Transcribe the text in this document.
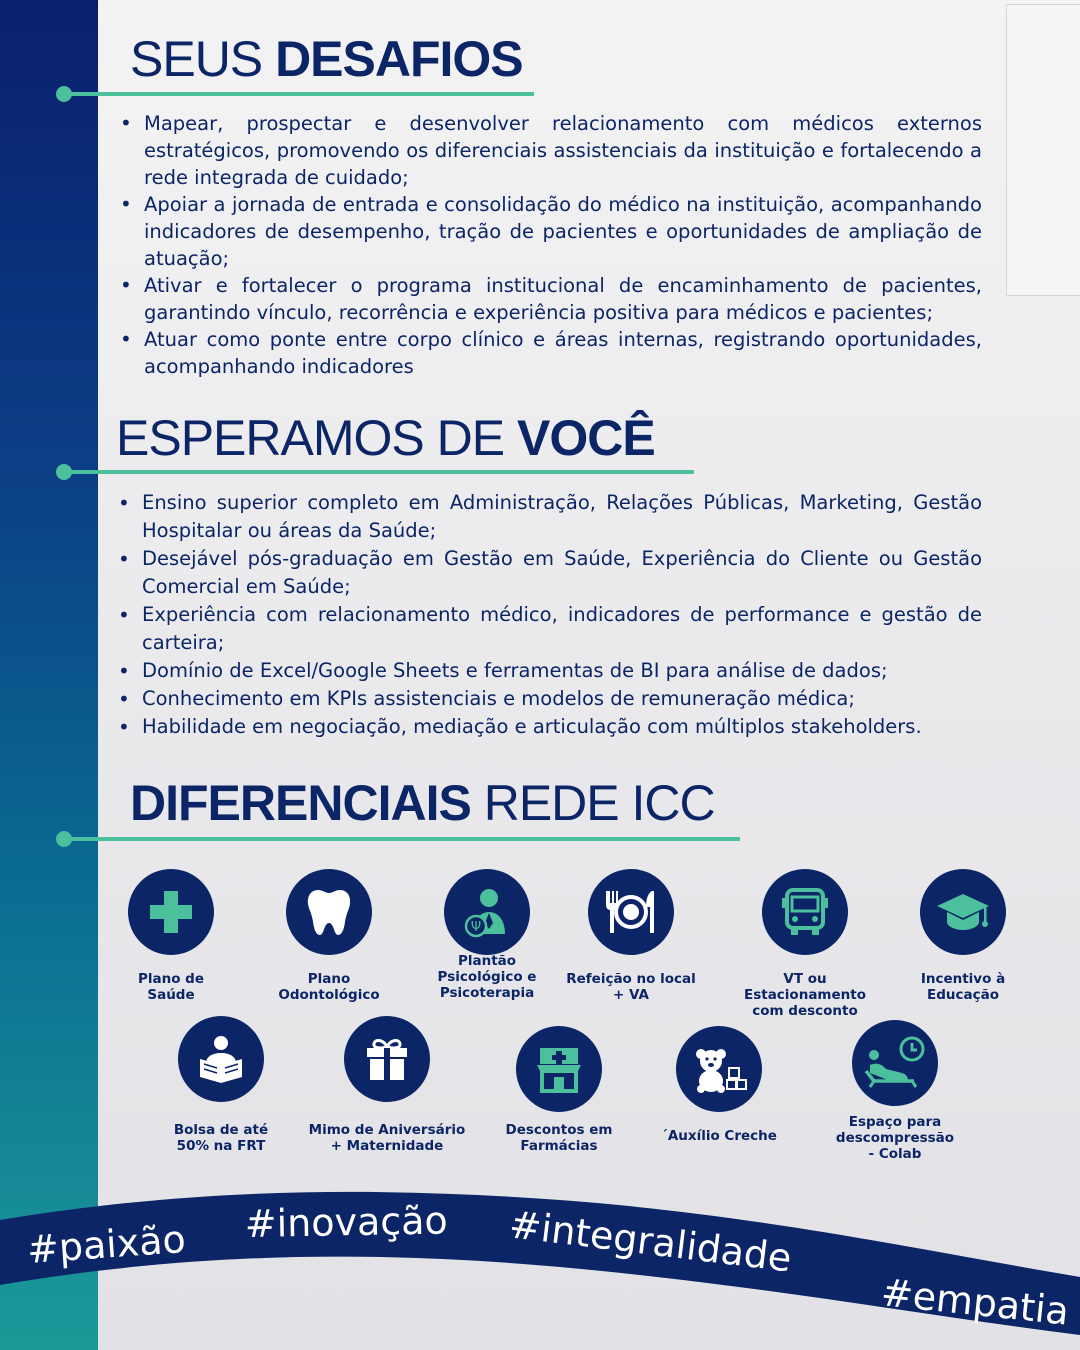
SEUS DESAFIOS
• Mapear, prospectar e desenvolver relacionamento com médicos externos estratégicos, promovendo os diferenciais assistenciais da instituição e fortalecendo a rede integrada de cuidado;
• Apoiar a jornada de entrada e consolidação do médico na instituição, acompanhando indicadores de desempenho, tração de pacientes e oportunidades de ampliação de atuação;
• Ativar e fortalecer o programa institucional de encaminhamento de pacientes, garantindo vínculo, recorrência e experiência positiva para médicos e pacientes;
• Atuar como ponte entre corpo clínico e áreas internas, registrando oportunidades, acompanhando indicadores
ESPERAMOS DE VOCÊ
• Ensino superior completo em Administração, Relações Públicas, Marketing, Gestão Hospitalar ou áreas da Saúde;
• Desejável pós-graduação em Gestão em Saúde, Experiência do Cliente ou Gestão Comercial em Saúde;
• Experiência com relacionamento médico, indicadores de performance e gestão de carteira;
• Domínio de Excel/Google Sheets e ferramentas de BI para análise de dados;
• Conhecimento em KPIs assistenciais e modelos de remuneração médica;
• Habilidade em negociação, mediação e articulação com múltiplos stakeholders.
DIFERENCIAIS REDE ICC
Plano de
Saúde
Plano
Odontológico
Ψ
Plantão
Psicológico e
Psicoterapia
Refeição no local
+ VA
VT ou
Estacionamento
com desconto
Incentivo à
Educação
Bolsa de até
50% na FRT
Mimo de Aniversário
+ Maternidade
Descontos em
Farmácias
´Auxílio Creche
Espaço para
descompressão
- Colab
#paixão #inovação #integralidade
#empatia
